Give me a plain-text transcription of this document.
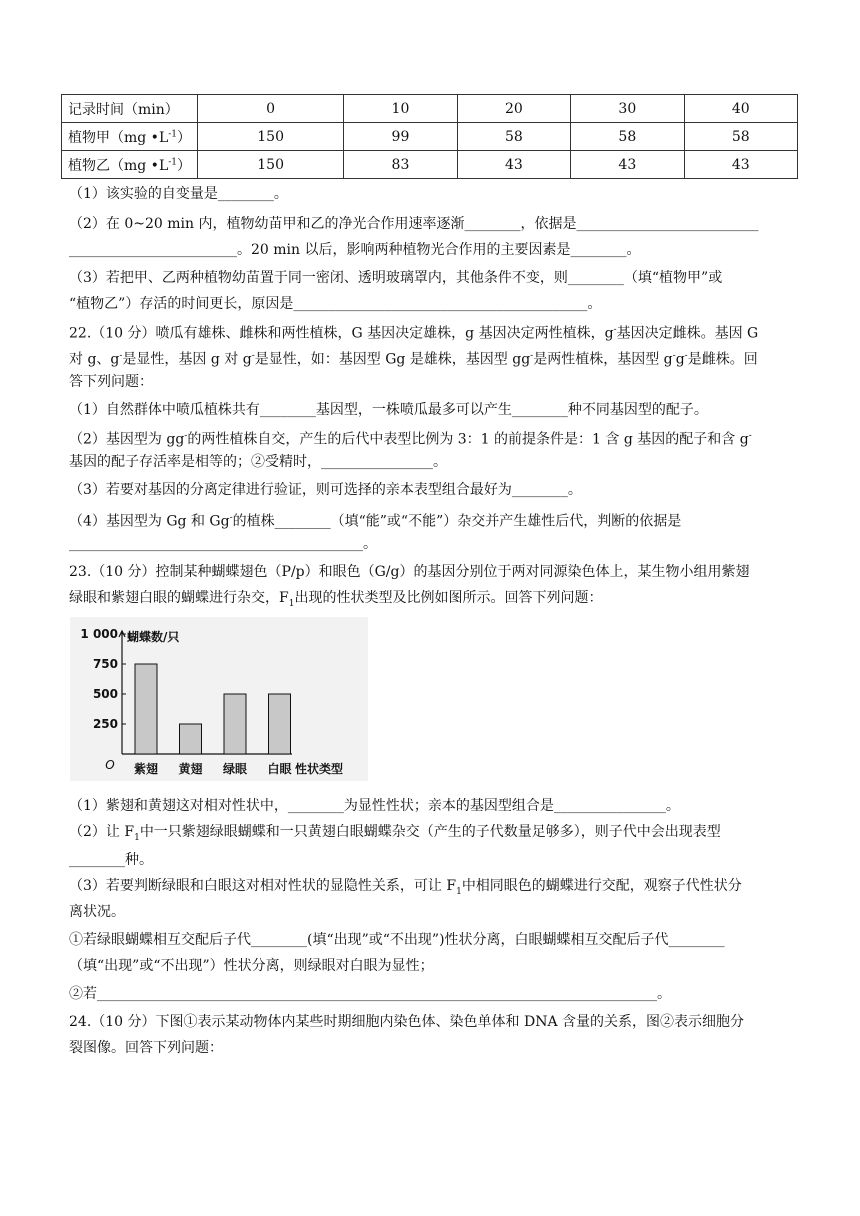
记录时间（min）	0	10	20	30	40
植物甲（mg $•L^{-1}$）	150	99	58	58	58
植物乙（mg $•L^{-1}$）	150	83	43	43	43
（1）该实验的自变量是________。
（2）在 0~20 min 内，植物幼苗甲和乙的净光合作用速率逐渐________，依据是__________________________
________________________。20 min 以后，影响两种植物光合作用的主要因素是________。
（3）若把甲、乙两种植物幼苗置于同一密闭、透明玻璃罩内，其他条件不变，则________（填“植物甲”或
“植物乙”）存活的时间更长，原因是__________________________________________。
22.（10 分）喷瓜有雄株、雌株和两性植株，G 基因决定雄株，g 基因决定两性植株，g-基因决定雌株。基因 G
对 g、g-是显性，基因 g 对 g-是显性，如：基因型 Gg 是雄株，基因型 gg-是两性植株，基因型 g-g-是雌株。回
答下列问题：
（1）自然群体中喷瓜植株共有________基因型，一株喷瓜最多可以产生________种不同基因型的配子。
（2）基因型为 gg-的两性植株自交，产生的后代中表型比例为 3：1 的前提条件是：1 含 g 基因的配子和含 g-
基因的配子存活率是相等的；②受精时，________________。
（3）若要对基因的分离定律进行验证，则可选择的亲本表型组合最好为________。
（4）基因型为 Gg 和 Gg-的植株________（填“能”或“不能”）杂交并产生雄性后代，判断的依据是
__________________________________________。
23.（10 分）控制某种蝴蝶翅色（P/p）和眼色（G/g）的基因分别位于两对同源染色体上，某生物小组用紫翅
绿眼和紫翅白眼的蝴蝶进行杂交，$F_1$出现的性状类型及比例如图所示。回答下列问题：
250
500
750
1 000
紫翅 黄翅 绿眼 白眼
蝴蝶数/只
性状类型
O
（1）紫翅和黄翅这对相对性状中，________为显性性状；亲本的基因型组合是________________。
（2）让 $F_1$中一只紫翅绿眼蝴蝶和一只黄翅白眼蝴蝶杂交（产生的子代数量足够多），则子代中会出现表型
________种。
（3）若要判断绿眼和白眼这对相对性状的显隐性关系，可让 $F_1$中相同眼色的蝴蝶进行交配，观察子代性状分
离状况。
①若绿眼蝴蝶相互交配后子代________(填“出现”或“不出现”)性状分离，白眼蝴蝶相互交配后子代________
（填“出现”或“不出现”）性状分离，则绿眼对白眼为显性；
②若________________________________________________________________________________。
24.（10 分）下图①表示某动物体内某些时期细胞内染色体、染色单体和 DNA 含量的关系，图②表示细胞分
裂图像。回答下列问题：
